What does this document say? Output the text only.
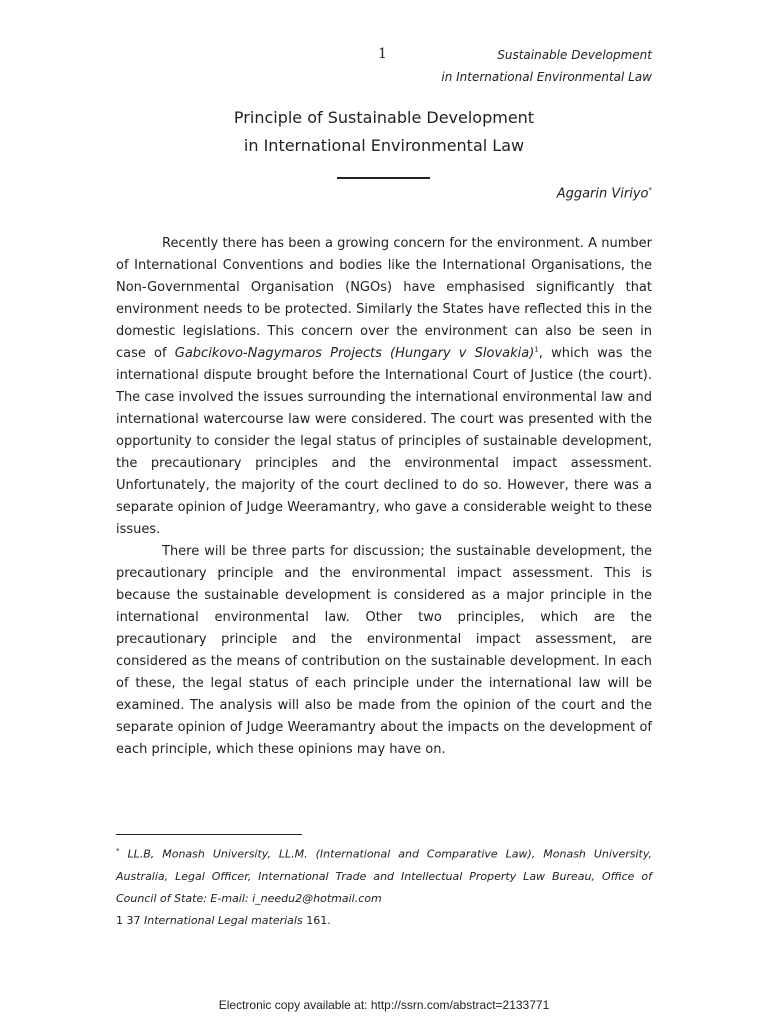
1	Sustainable Development
in International Environmental Law
Principle of Sustainable Development
in International Environmental Law
Aggarin Viriyo*

Recently there has been a growing concern for the environment. A number of International Conventions and bodies like the International Organisations, the Non-Governmental Organisation (NGOs) have emphasised significantly that environment needs to be protected. Similarly the States have reflected this in the domestic legislations. This concern over the environment can also be seen in case of Gabcikovo-Nagymaros Projects (Hungary v Slovakia)$^1$, which was the international dispute brought before the International Court of Justice (the court). The case involved the issues surrounding the international environmental law and international watercourse law were considered. The court was presented with the opportunity to consider the legal status of principles of sustainable development, the precautionary principles and the environmental impact assessment. Unfortunately, the majority of the court declined to do so. However, there was a separate opinion of Judge Weeramantry, who gave a considerable weight to these issues.

There will be three parts for discussion; the sustainable development, the precautionary principle and the environmental impact assessment. This is because the sustainable development is considered as a major principle in the international environmental law. Other two principles, which are the precautionary principle and the environmental impact assessment, are considered as the means of contribution on the sustainable development. In each of these, the legal status of each principle under the international law will be examined. The analysis will also be made from the opinion of the court and the separate opinion of Judge Weeramantry about the impacts on the development of each principle, which these opinions may have on.

* LL.B, Monash University, LL.M. (International and Comparative Law), Monash University, Australia, Legal Officer, International Trade and Intellectual Property Law Bureau, Office of Council of State: E-mail: i_needu2@hotmail.com

1 37 International Legal materials 161.

Electronic copy available at: http://ssrn.com/abstract=2133771
